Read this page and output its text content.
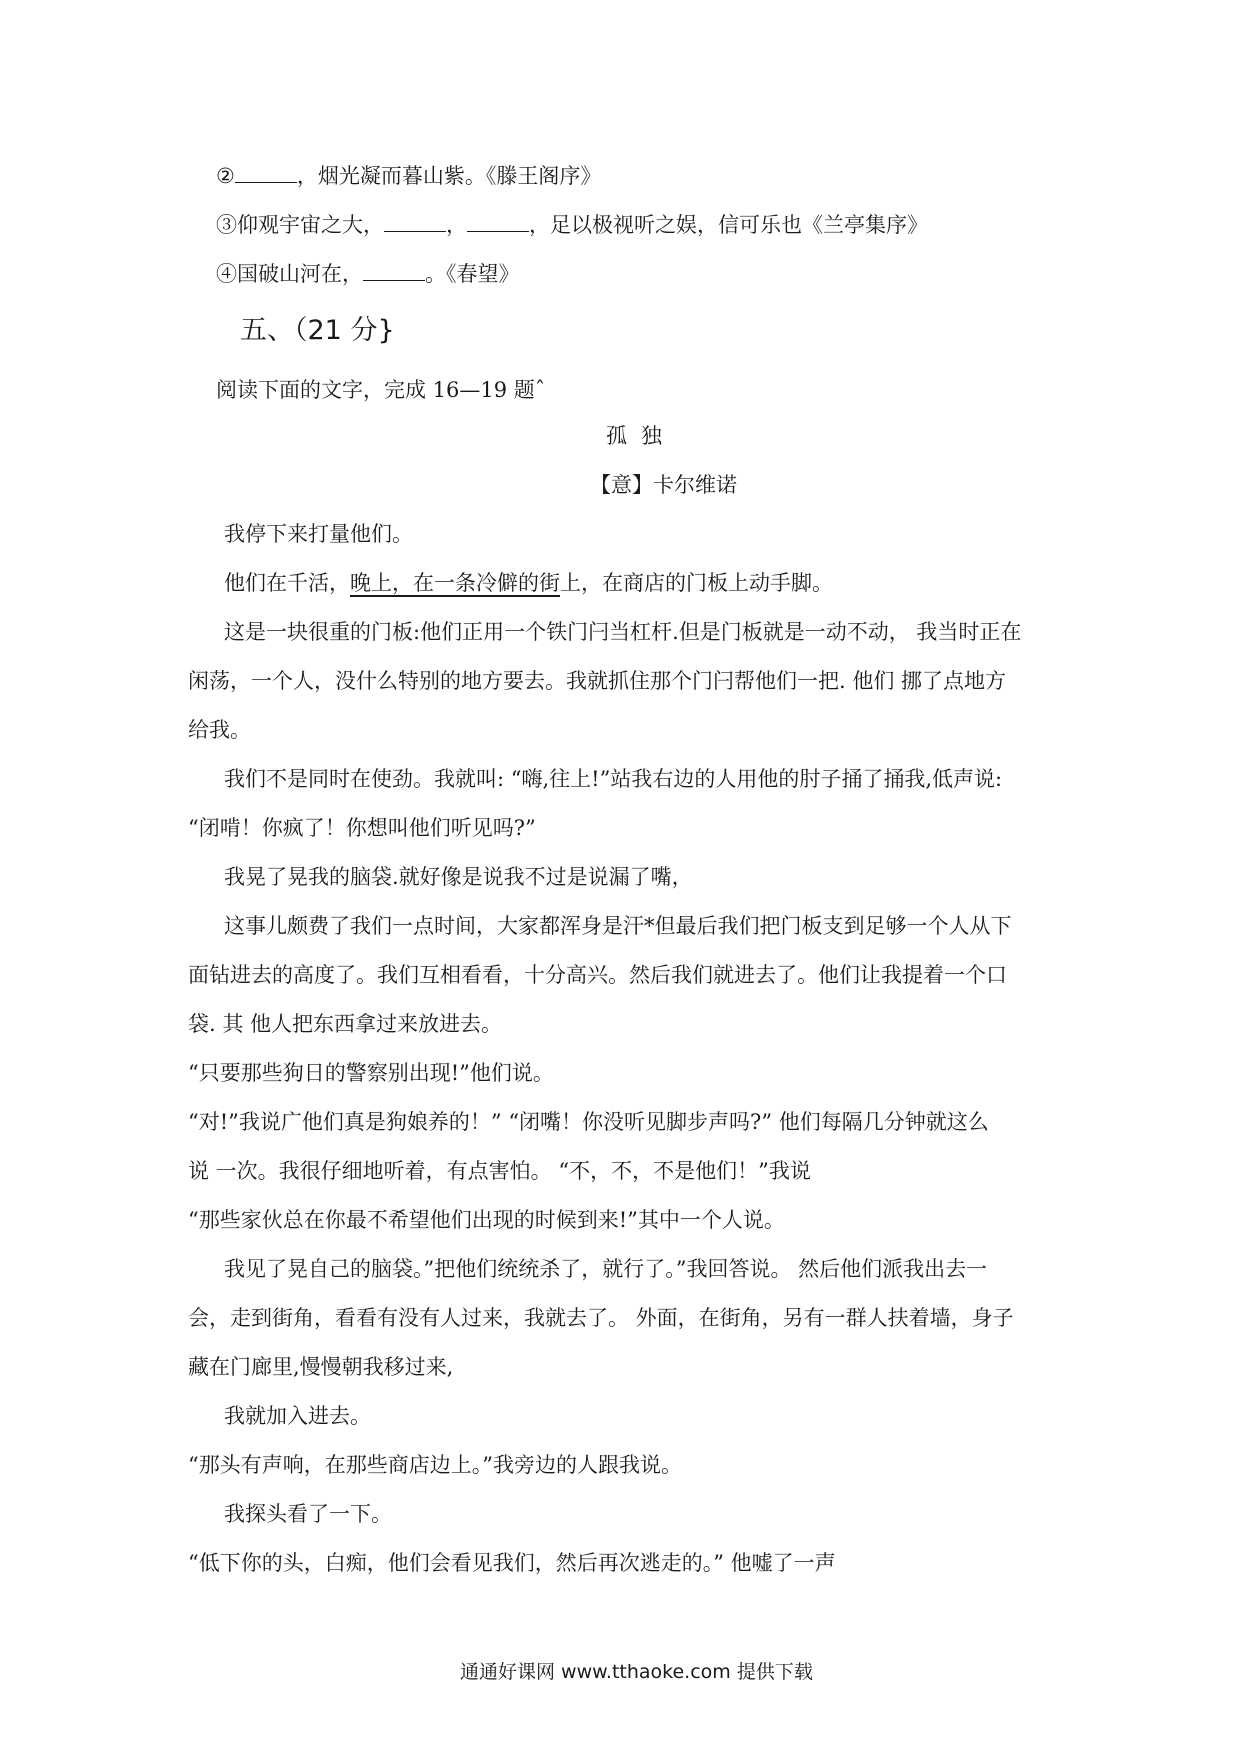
②	，烟光凝而暮山紫。《滕王阁序》
③仰观宇宙之大，	，	，足以极视听之娱，信可乐也《兰亭集序》
④国破山河在，	。《春望》
五、（21 分}
阅读下面的文字，完成 16—19 题ˆ
孤独
【意】卡尔维诺
我停下来打量他们。
他们在千活，晚上，在一条冷僻的街上，在商店的门板上动手脚。
这是一块很重的门板:他们正用一个铁门闩当杠杆.但是门板就是一动不动， 我当时正在
闲荡，一个人，没什么特别的地方要去。我就抓住那个门闩帮他们一把. 他们 挪了点地方
给我。
我们不是同时在使劲。我就叫: “嗨,往上!”站我右边的人用他的肘子捅了捅我,低声说:
“闭啃！你疯了！你想叫他们听见吗?”
我晃了晃我的脑袋.就好像是说我不过是说漏了嘴，
这事儿颇费了我们一点时间，大家都浑身是汗*但最后我们把门板支到足够一个人从下
面钻进去的高度了。我们互相看看，十分高兴。然后我们就进去了。他们让我提着一个口
袋. 其 他人把东西拿过来放进去。
“只要那些狗日的警察别出现!”他们说。
“对!”我说广他们真是狗娘养的！” “闭嘴！你没听见脚步声吗?” 他们每隔几分钟就这么
说 一次。我很仔细地听着，有点害怕。 “不，不，不是他们！”我说
“那些家伙总在你最不希望他们出现的时候到来!”其中一个人说。
我见了晃自己的脑袋。”把他们统统杀了，就行了。”我回答说。 然后他们派我出去一
会，走到街角，看看有没有人过来，我就去了。 外面，在街角，另有一群人扶着墙，身子
藏在门廊里,慢慢朝我移过来,
我就加入进去。
“那头有声响，在那些商店边上。”我旁边的人跟我说。
我探头看了一下。
“低下你的头，白痴，他们会看见我们，然后再次逃走的。” 他嘘了一声
通通好课网 www.tthaoke.com 提供下载
